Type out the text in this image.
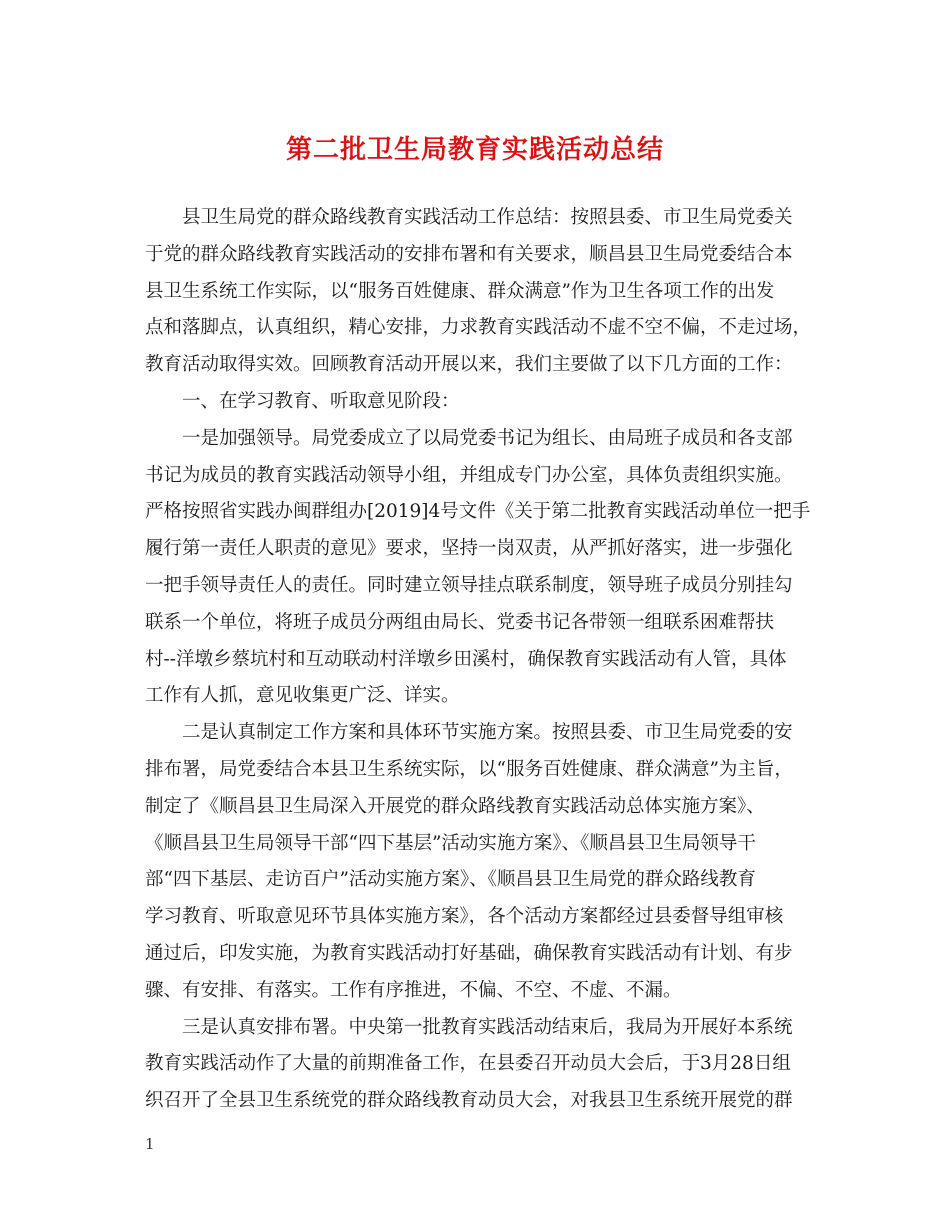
第二批卫生局教育实践活动总结
县卫生局党的群众路线教育实践活动工作总结：按照县委、市卫生局党委关
于党的群众路线教育实践活动的安排布署和有关要求，顺昌县卫生局党委结合本
县卫生系统工作实际，以“服务百姓健康、群众满意”作为卫生各项工作的出发
点和落脚点，认真组织，精心安排，力求教育实践活动不虚不空不偏，不走过场，
教育活动取得实效。回顾教育活动开展以来，我们主要做了以下几方面的工作：
一、在学习教育、听取意见阶段：
一是加强领导。局党委成立了以局党委书记为组长、由局班子成员和各支部
书记为成员的教育实践活动领导小组，并组成专门办公室，具体负责组织实施。
严格按照省实践办闽群组办[2019]4号文件《关于第二批教育实践活动单位一把手
履行第一责任人职责的意见》要求，坚持一岗双责，从严抓好落实，进一步强化
一把手领导责任人的责任。同时建立领导挂点联系制度，领导班子成员分别挂勾
联系一个单位，将班子成员分两组由局长、党委书记各带领一组联系困难帮扶
村--洋墩乡蔡坑村和互动联动村洋墩乡田溪村，确保教育实践活动有人管，具体
工作有人抓，意见收集更广泛、详实。
二是认真制定工作方案和具体环节实施方案。按照县委、市卫生局党委的安
排布署，局党委结合本县卫生系统实际，以“服务百姓健康、群众满意”为主旨，
制定了《顺昌县卫生局深入开展党的群众路线教育实践活动总体实施方案》、
《顺昌县卫生局领导干部“四下基层”活动实施方案》、《顺昌县卫生局领导干
部“四下基层、走访百户”活动实施方案》、《顺昌县卫生局党的群众路线教育
学习教育、听取意见环节具体实施方案》，各个活动方案都经过县委督导组审核
通过后，印发实施，为教育实践活动打好基础，确保教育实践活动有计划、有步
骤、有安排、有落实。工作有序推进，不偏、不空、不虚、不漏。
三是认真安排布署。中央第一批教育实践活动结束后，我局为开展好本系统
教育实践活动作了大量的前期准备工作，在县委召开动员大会后，于3月28日组
织召开了全县卫生系统党的群众路线教育动员大会，对我县卫生系统开展党的群
1
